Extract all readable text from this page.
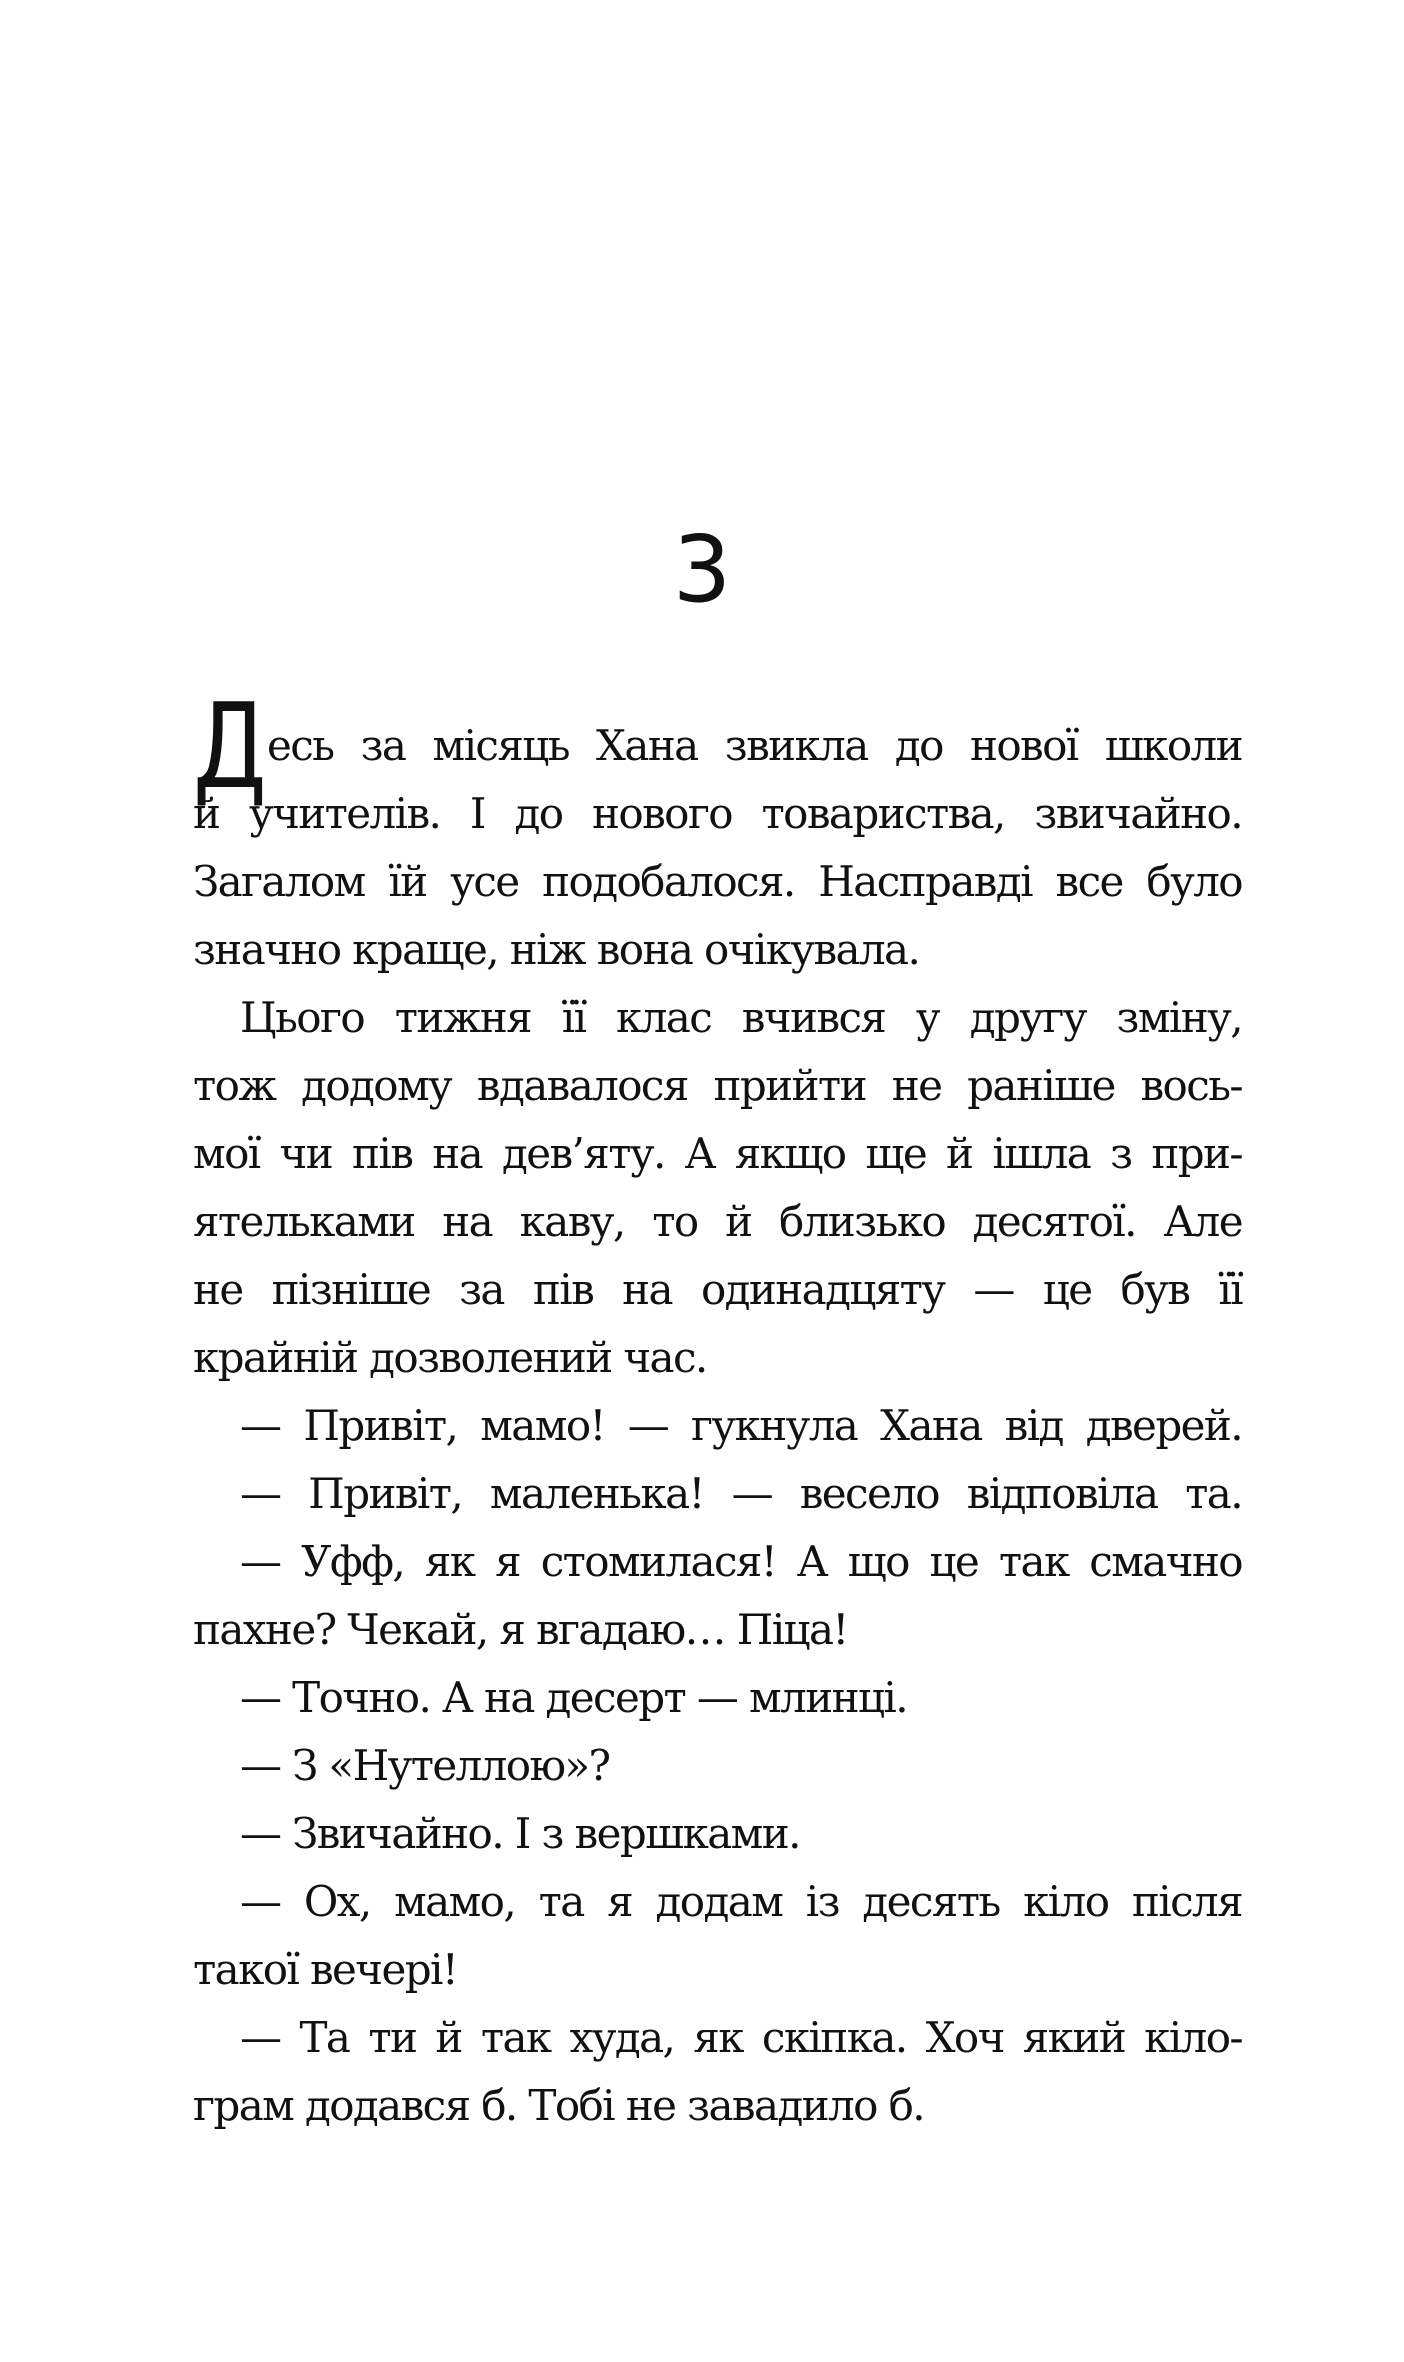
3
Десь за місяць Хана звикла до нової школи
й учителів. І до нового товариства, звичайно.
Загалом їй усе подобалося. Насправді все було
значно краще, ніж вона очікувала.
Цього тижня її клас вчився у другу зміну,
тож додому вдавалося прийти не раніше вось-
мої чи пів на дев’яту. А якщо ще й ішла з при-
ятельками на каву, то й близько десятої. Але
не пізніше за пів на одинадцяту — це був її
крайній дозволений час.
— Привіт, мамо! — гукнула Хана від дверей.
— Привіт, маленька! — весело відповіла та.
— Уфф, як я стомилася! А що це так смачно
пахне? Чекай, я вгадаю… Піца!
— Точно. А на десерт — млинці.
— З «Нутеллою»?
— Звичайно. І з вершками.
— Ох, мамо, та я додам із десять кіло після
такої вечері!
— Та ти й так худа, як скіпка. Хоч який кіло-
грам додався б. Тобі не завадило б.
